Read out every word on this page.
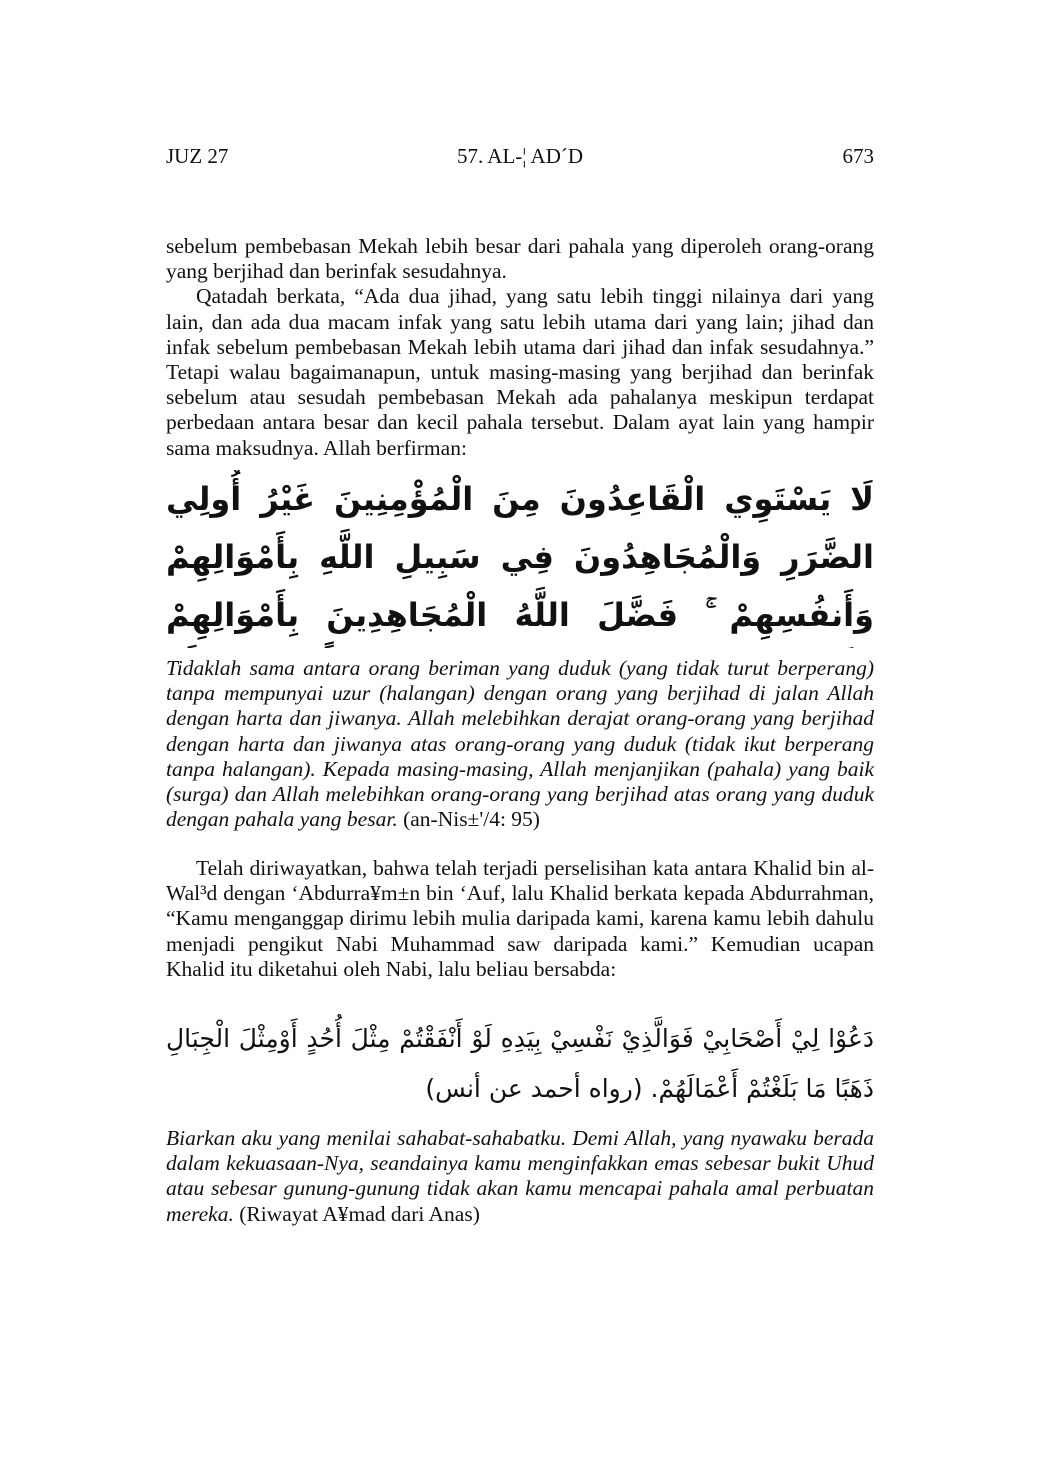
JUZ 27	57. AL-¦ AD´D	673

sebelum pembebasan Mekah lebih besar dari pahala yang diperoleh orang-orang yang berjihad dan berinfak sesudahnya.

Qatadah berkata, “Ada dua jihad, yang satu lebih tinggi nilainya dari yang lain, dan ada dua macam infak yang satu lebih utama dari yang lain; jihad dan infak sebelum pembebasan Mekah lebih utama dari jihad dan infak sesudahnya.” Tetapi walau bagaimanapun, untuk masing-masing yang berjihad dan berinfak sebelum atau sesudah pembebasan Mekah ada pahalanya meskipun terdapat perbedaan antara besar dan kecil pahala tersebut. Dalam ayat lain yang hampir sama maksudnya. Allah berfirman:

لَا يَسْتَوِي الْقَاعِدُونَ مِنَ الْمُؤْمِنِينَ غَيْرُ أُولِي الضَّرَرِ وَالْمُجَاهِدُونَ فِي سَبِيلِ اللَّهِ بِأَمْوَالِهِمْ وَأَنفُسِهِمْ ۚ فَضَّلَ اللَّهُ الْمُجَاهِدِينَ بِأَمْوَالِهِمْ

Tidaklah sama antara orang beriman yang duduk (yang tidak turut berperang) tanpa mempunyai uzur (halangan) dengan orang yang berjihad di jalan Allah dengan harta dan jiwanya. Allah melebihkan derajat orang-orang yang berjihad dengan harta dan jiwanya atas orang-orang yang duduk (tidak ikut berperang tanpa halangan). Kepada masing-masing, Allah menjanjikan (pahala) yang baik (surga) dan Allah melebihkan orang-orang yang berjihad atas orang yang duduk dengan pahala yang besar. (an-Nis±'/4: 95)

Telah diriwayatkan, bahwa telah terjadi perselisihan kata antara Khalid bin al-Wal³d dengan ‘Abdurra¥m±n bin ‘Auf, lalu Khalid berkata kepada Abdurrahman, “Kamu menganggap dirimu lebih mulia daripada kami, karena kamu lebih dahulu menjadi pengikut Nabi Muhammad saw daripada kami.” Kemudian ucapan Khalid itu diketahui oleh Nabi, lalu beliau bersabda:

دَعُوْا لِيْ أَصْحَابِيْ فَوَالَّذِيْ نَفْسِيْ بِيَدِهِ لَوْ أَنْفَقْتُمْ مِثْلَ أُحُدٍ أَوْمِثْلَ الْجِبَالِ ذَهَبًا مَا بَلَغْتُمْ أَعْمَالَهُمْ. (رواه أحمد عن أنس)

Biarkan aku yang menilai sahabat-sahabatku. Demi Allah, yang nyawaku berada dalam kekuasaan-Nya, seandainya kamu menginfakkan emas sebesar bukit Uhud atau sebesar gunung-gunung tidak akan kamu mencapai pahala amal perbuatan mereka. (Riwayat A¥mad dari Anas)
